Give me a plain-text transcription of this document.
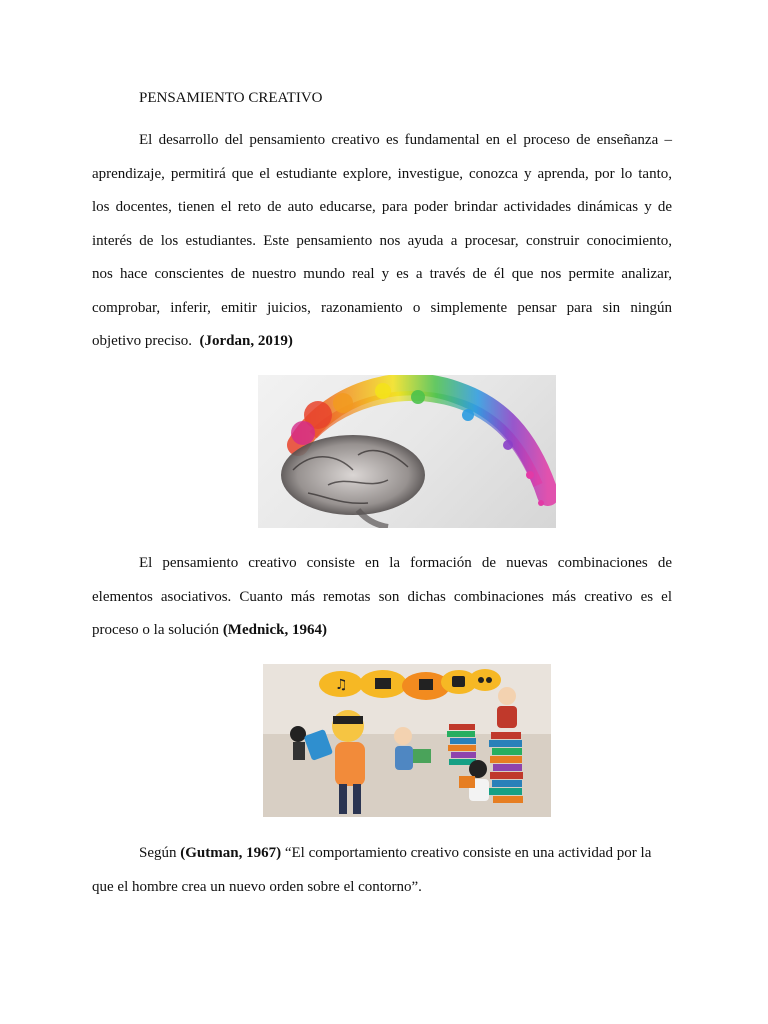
PENSAMIENTO CREATIVO
El desarrollo del pensamiento creativo es fundamental en el proceso de enseñanza –
aprendizaje, permitirá que el estudiante explore, investigue, conozca y aprenda, por lo tanto,
los docentes, tienen el reto de auto educarse, para poder brindar actividades dinámicas y de
interés de los estudiantes. Este pensamiento nos ayuda a procesar, construir conocimiento,
nos hace conscientes de nuestro mundo real y es a través de él que nos permite analizar,
comprobar, inferir, emitir juicios, razonamiento o simplemente pensar para sin ningún
objetivo preciso. (Jordan, 2019)
El pensamiento creativo consiste en la formación de nuevas combinaciones de
elementos asociativos. Cuanto más remotas son dichas combinaciones más creativo es el
proceso o la solución (Mednick, 1964)
♫
Según (Gutman, 1967) “El comportamiento creativo consiste en una actividad por la
que el hombre crea un nuevo orden sobre el contorno”.
